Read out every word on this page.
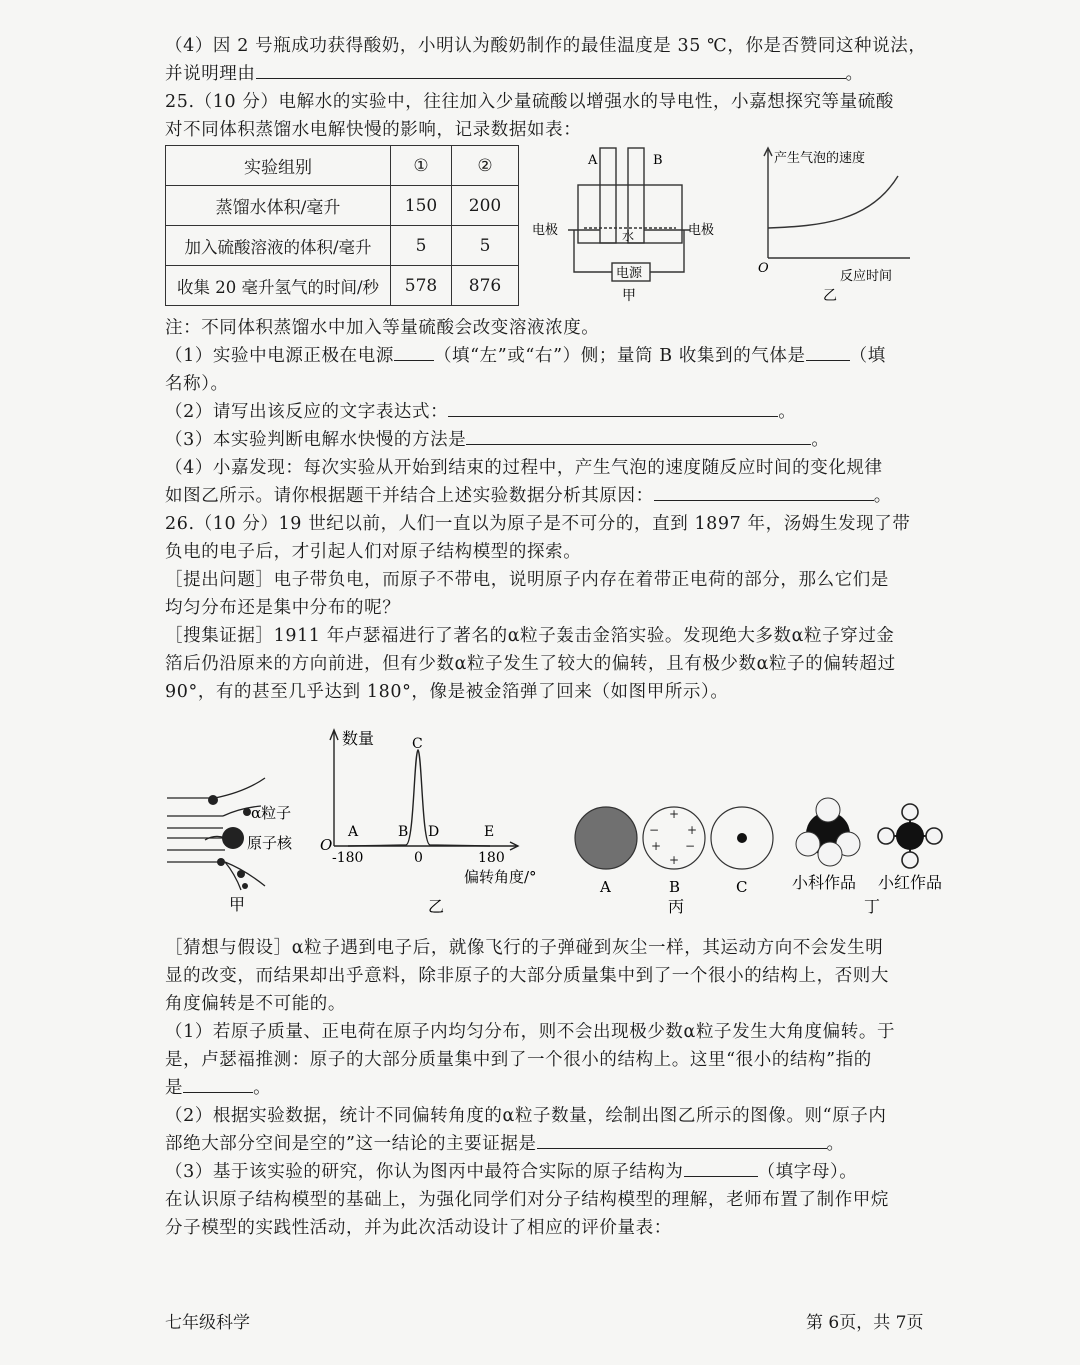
（4）因 2 号瓶成功获得酸奶，小明认为酸奶制作的最佳温度是 35 ℃，你是否赞同这种说法，
并说明理由	。
25.（10 分）电解水的实验中，往往加入少量硫酸以增强水的导电性，小嘉想探究等量硫酸
对不同体积蒸馏水电解快慢的影响，记录数据如表：
实验组别	①	②
蒸馏水体积/毫升	150	200
加入硫酸溶液的体积/毫升	5	5
收集 20 毫升氢气的时间/秒	578	876
A	B
电极	电极
水
电源
甲
产生气泡的速度
反应时间
O
乙
注：不同体积蒸馏水中加入等量硫酸会改变溶液浓度。
（1）实验中电源正极在电源 （填“左”或“右”）侧；量筒 B 收集到的气体是	（填
名称）。
（2）请写出该反应的文字表达式：	。
（3）本实验判断电解水快慢的方法是	。
（4）小嘉发现：每次实验从开始到结束的过程中，产生气泡的速度随反应时间的变化规律
如图乙所示。请你根据题干并结合上述实验数据分析其原因：	。
26.（10 分）19 世纪以前，人们一直以为原子是不可分的，直到 1897 年，汤姆生发现了带
负电的电子后，才引起人们对原子结构模型的探索。
［提出问题］电子带负电，而原子不带电，说明原子内存在着带正电荷的部分，那么它们是
均匀分布还是集中分布的呢？
［搜集证据］1911 年卢瑟福进行了著名的α粒子轰击金箔实验。发现绝大多数α粒子穿过金
箔后仍沿原来的方向前进，但有少数α粒子发生了较大的偏转，且有极少数α粒子的偏转超过
90°，有的甚至几乎达到 180°，像是被金箔弹了回来（如图甲所示）。
α粒子
原子核
甲
数量
O
A	B
C
D	E
-180	0	180
偏转角度/°
乙
+
− +
+ −
+
A	B	C
丙
小科作品 小红作品
丁
［猜想与假设］α粒子遇到电子后，就像飞行的子弹碰到灰尘一样，其运动方向不会发生明
显的改变，而结果却出乎意料，除非原子的大部分质量集中到了一个很小的结构上，否则大
角度偏转是不可能的。
（1）若原子质量、正电荷在原子内均匀分布，则不会出现极少数α粒子发生大角度偏转。于
是，卢瑟福推测：原子的大部分质量集中到了一个很小的结构上。这里“很小的结构”指的
是	。
（2）根据实验数据，统计不同偏转角度的α粒子数量，绘制出图乙所示的图像。则“原子内
部绝大部分空间是空的”这一结论的主要证据是	。
（3）基于该实验的研究，你认为图丙中最符合实际的原子结构为	（填字母）。
在认识原子结构模型的基础上，为强化同学们对分子结构模型的理解，老师布置了制作甲烷
分子模型的实践性活动，并为此次活动设计了相应的评价量表：
七年级科学	第 6页，共 7页
